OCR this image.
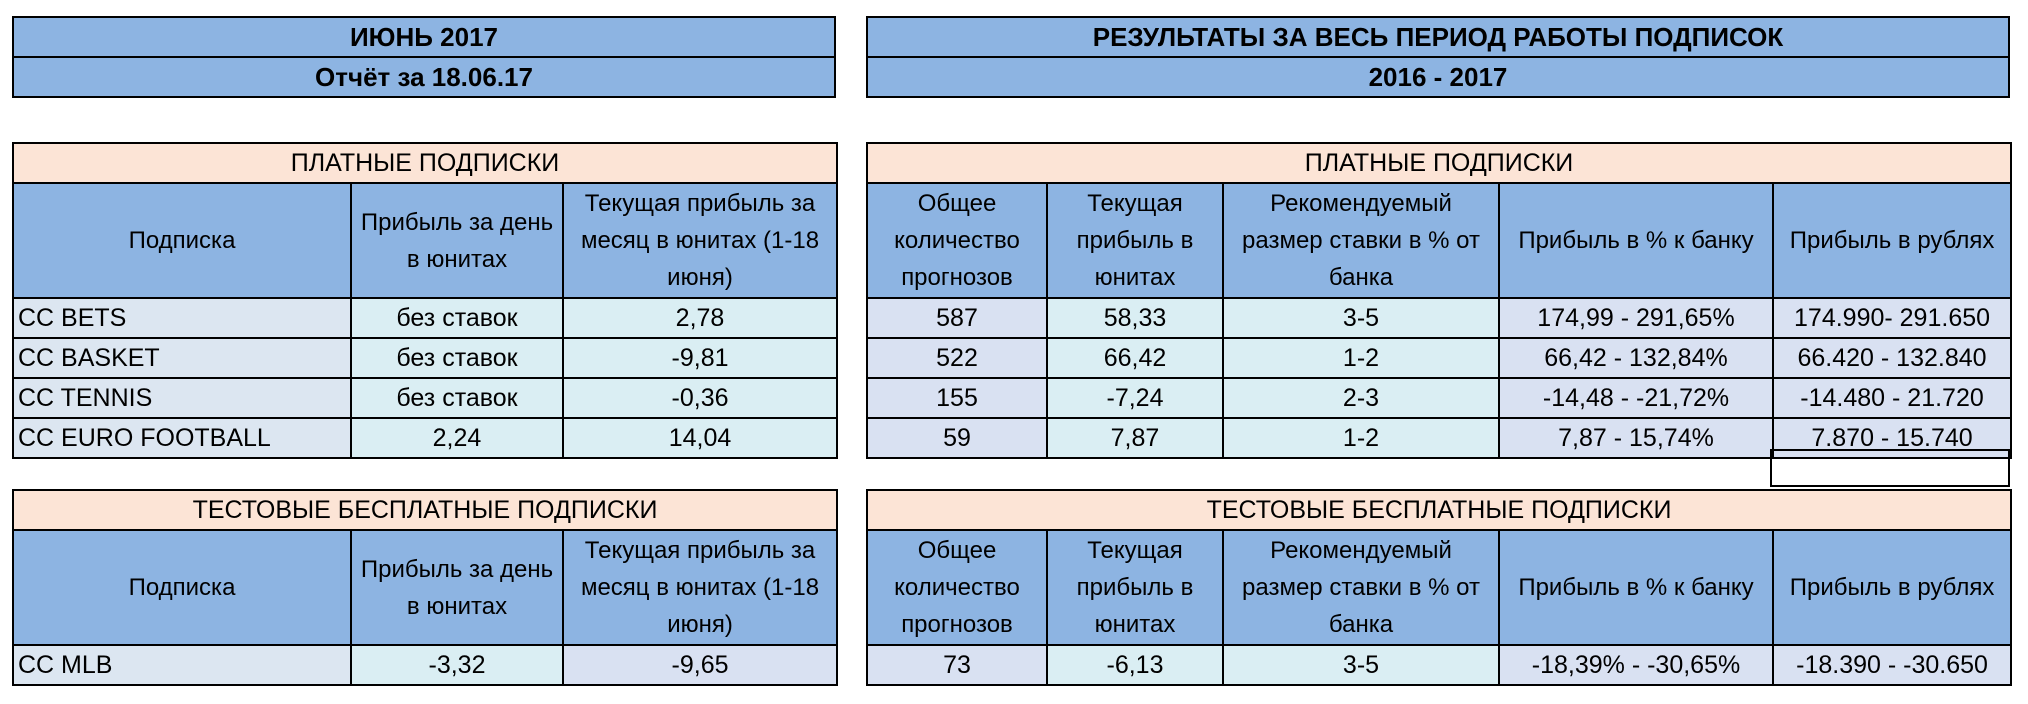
ИЮНЬ 2017
Отчёт за 18.06.17
РЕЗУЛЬТАТЫ ЗА ВЕСЬ ПЕРИОД РАБОТЫ ПОДПИСОК
2016 - 2017
ПЛАТНЫЕ ПОДПИСКИ		
Подписка	Прибыль за день в юнитах	Текущая прибыль за месяц в юнитах (1-18 июня)
CC BETS	без ставок	2,78
CC BASKET	без ставок	-9,81
CC TENNIS	без ставок	-0,36
CC EURO FOOTBALL	2,24	14,04
ПЛАТНЫЕ ПОДПИСКИ				
Общее количество прогнозов	Текущая прибыль в юнитах	Рекомендуемый размер ставки в % от банка	Прибыль в % к банку	Прибыль в рублях
587	58,33	3-5	174,99 - 291,65%	174.990- 291.650
522	66,42	1-2	66,42 - 132,84%	66.420 - 132.840
155	-7,24	2-3	-14,48 - -21,72%	-14.480 - 21.720
59	7,87	1-2	7,87 - 15,74%	7.870 - 15.740
ТЕСТОВЫЕ БЕСПЛАТНЫЕ ПОДПИСКИ		
Подписка	Прибыль за день в юнитах	Текущая прибыль за месяц в юнитах (1-18 июня)
CC MLB	-3,32	-9,65
ТЕСТОВЫЕ БЕСПЛАТНЫЕ ПОДПИСКИ				
Общее количество прогнозов	Текущая прибыль в юнитах	Рекомендуемый размер ставки в % от банка	Прибыль в % к банку	Прибыль в рублях
73	-6,13	3-5	-18,39% - -30,65%	-18.390 - -30.650
